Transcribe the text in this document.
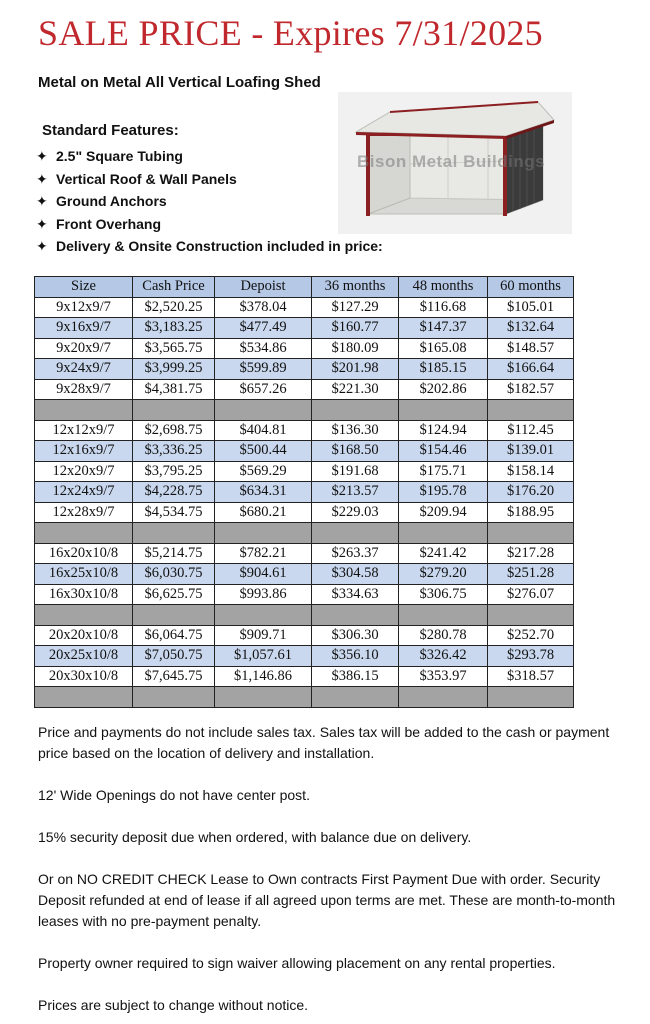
SALE PRICE - Expires 7/31/2025
Metal on Metal All Vertical Loafing Shed
Standard Features:
✦ 2.5" Square Tubing
✦ Vertical Roof & Wall Panels
✦ Ground Anchors
✦ Front Overhang
✦ Delivery & Onsite Construction included in price:
Bison Metal Buildings
Size	Cash Price	Depoist	36 months	48 months	60 months
9x12x9/7	$2,520.25	$378.04	$127.29	$116.68	$105.01
9x16x9/7	$3,183.25	$477.49	$160.77	$147.37	$132.64
9x20x9/7	$3,565.75	$534.86	$180.09	$165.08	$148.57
9x24x9/7	$3,999.25	$599.89	$201.98	$185.15	$166.64
9x28x9/7	$4,381.75	$657.26	$221.30	$202.86	$182.57

12x12x9/7	$2,698.75	$404.81	$136.30	$124.94	$112.45
12x16x9/7	$3,336.25	$500.44	$168.50	$154.46	$139.01
12x20x9/7	$3,795.25	$569.29	$191.68	$175.71	$158.14
12x24x9/7	$4,228.75	$634.31	$213.57	$195.78	$176.20
12x28x9/7	$4,534.75	$680.21	$229.03	$209.94	$188.95

16x20x10/8	$5,214.75	$782.21	$263.37	$241.42	$217.28
16x25x10/8	$6,030.75	$904.61	$304.58	$279.20	$251.28
16x30x10/8	$6,625.75	$993.86	$334.63	$306.75	$276.07

20x20x10/8	$6,064.75	$909.71	$306.30	$280.78	$252.70
20x25x10/8	$7,050.75	$1,057.61	$356.10	$326.42	$293.78
20x30x10/8	$7,645.75	$1,146.86	$386.15	$353.97	$318.57

Price and payments do not include sales tax. Sales tax will be added to the cash or payment price based on the location of delivery and installation.

12' Wide Openings do not have center post.

15% security deposit due when ordered, with balance due on delivery.

Or on NO CREDIT CHECK Lease to Own contracts First Payment Due with order. Security Deposit refunded at end of lease if all agreed upon terms are met. These are month-to-month leases with no pre-payment penalty.

Property owner required to sign waiver allowing placement on any rental properties.

Prices are subject to change without notice.
